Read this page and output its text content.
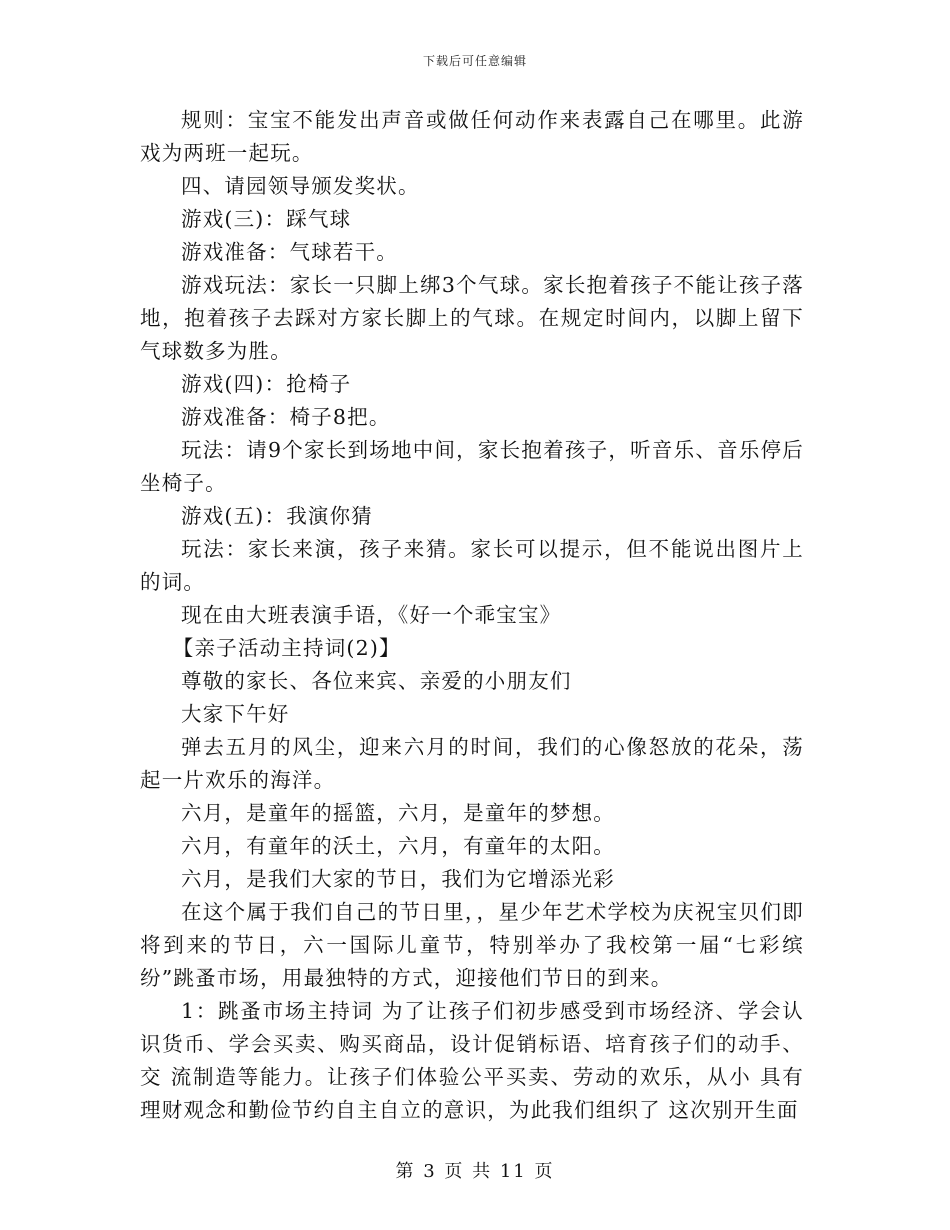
下载后可任意编辑

规则：宝宝不能发出声音或做任何动作来表露自己在哪里。此游戏为两班一起玩。

四、请园领导颁发奖状。

游戏(三)：踩气球

游戏准备：气球若干。

游戏玩法：家长一只脚上绑3个气球。家长抱着孩子不能让孩子落地，抱着孩子去踩对方家长脚上的气球。在规定时间内，以脚上留下气球数多为胜。

游戏(四)：抢椅子

游戏准备：椅子8把。

玩法：请9个家长到场地中间，家长抱着孩子，听音乐、音乐停后坐椅子。

游戏(五)：我演你猜

玩法：家长来演，孩子来猜。家长可以提示，但不能说出图片上的词。

现在由大班表演手语，《好一个乖宝宝》

【亲子活动主持词(2)】

尊敬的家长、各位来宾、亲爱的小朋友们

大家下午好

弹去五月的风尘，迎来六月的时间，我们的心像怒放的花朵，荡起一片欢乐的海洋。

六月，是童年的摇篮，六月，是童年的梦想。

六月，有童年的沃土，六月，有童年的太阳。

六月，是我们大家的节日，我们为它增添光彩

在这个属于我们自己的节日里，，星少年艺术学校为庆祝宝贝们即将到来的节日，六一国际儿童节，特别举办了我校第一届“七彩缤纷”跳蚤市场，用最独特的方式，迎接他们节日的到来。

1：跳蚤市场主持词 为了让孩子们初步感受到市场经济、学会认识货币、学会买卖、购买商品，设计促销标语、培育孩子们的动手、交 流制造等能力。让孩子们体验公平买卖、劳动的欢乐，从小 具有理财观念和勤俭节约自主自立的意识，为此我们组织了 这次别开生面

第 3 页 共 11 页
